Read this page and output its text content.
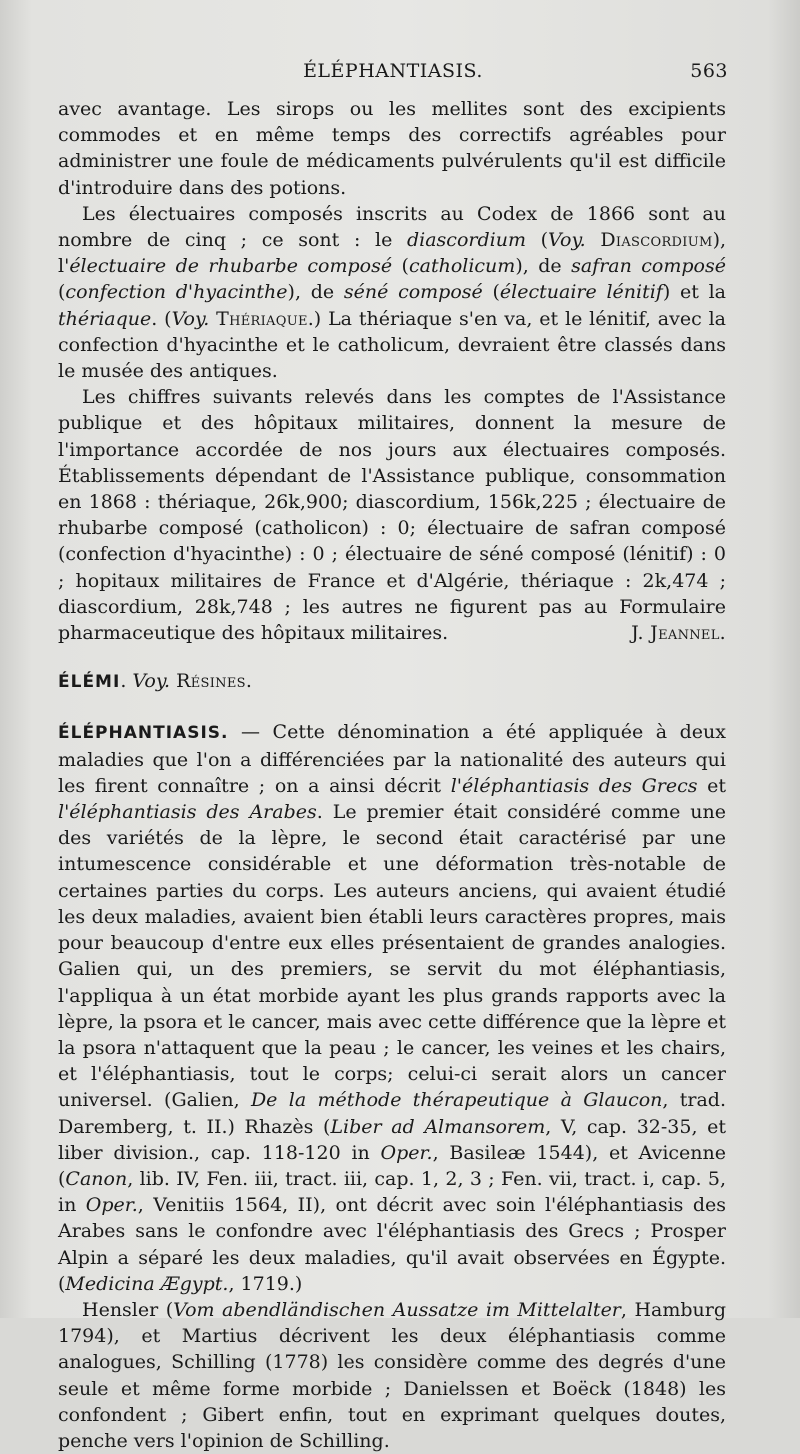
ÉLÉPHANTIASIS.	563

avec avantage. Les sirops ou les mellites sont des excipients commodes et en même temps des correctifs agréables pour administrer une foule de médicaments pulvérulents qu'il est difficile d'introduire dans des potions.

Les électuaires composés inscrits au Codex de 1866 sont au nombre de cinq ; ce sont : le diascordium (Voy. Diascordium), l'électuaire de rhubarbe composé (catholicum), de safran composé (confection d'hyacinthe), de séné composé (électuaire lénitif) et la thériaque. (Voy. Thériaque.) La thériaque s'en va, et le lénitif, avec la confection d'hyacinthe et le catholicum, devraient être classés dans le musée des antiques.

Les chiffres suivants relevés dans les comptes de l'Assistance publique et des hôpitaux militaires, donnent la mesure de l'importance accordée de nos jours aux électuaires composés. Établissements dépendant de l'Assistance publique, consommation en 1868 : thériaque, 26k,900; diascordium, 156k,225 ; électuaire de rhubarbe composé (catholicon) : 0; électuaire de safran composé (confection d'hyacinthe) : 0 ; électuaire de séné composé (lénitif) : 0 ; hopitaux militaires de France et d'Algérie, thériaque : 2k,474 ; diascordium, 28k,748 ; les autres ne figurent pas au Formulaire pharmaceutique des hôpitaux militaires.	J. Jeannel.

ÉLÉMI. Voy. Résines.

ÉLÉPHANTIASIS. — Cette dénomination a été appliquée à deux maladies que l'on a différenciées par la nationalité des auteurs qui les firent connaître ; on a ainsi décrit l'éléphantiasis des Grecs et l'éléphantiasis des Arabes. Le premier était considéré comme une des variétés de la lèpre, le second était caractérisé par une intumescence considérable et une déformation très-notable de certaines parties du corps. Les auteurs anciens, qui avaient étudié les deux maladies, avaient bien établi leurs caractères propres, mais pour beaucoup d'entre eux elles présentaient de grandes analogies. Galien qui, un des premiers, se servit du mot éléphantiasis, l'appliqua à un état morbide ayant les plus grands rapports avec la lèpre, la psora et le cancer, mais avec cette différence que la lèpre et la psora n'attaquent que la peau ; le cancer, les veines et les chairs, et l'éléphantiasis, tout le corps; celui-ci serait alors un cancer universel. (Galien, De la méthode thérapeutique à Glaucon, trad. Daremberg, t. II.) Rhazès (Liber ad Almansorem, V, cap. 32-35, et liber division., cap. 118-120 in Oper., Basileæ 1544), et Avicenne (Canon, lib. IV, Fen. iii, tract. iii, cap. 1, 2, 3 ; Fen. vii, tract. i, cap. 5, in Oper., Venitiis 1564, II), ont décrit avec soin l'éléphantiasis des Arabes sans le confondre avec l'éléphantiasis des Grecs ; Prosper Alpin a séparé les deux maladies, qu'il avait observées en Égypte. (Medicina Ægypt., 1719.)

Hensler (Vom abendländischen Aussatze im Mittelalter, Hamburg 1794), et Martius décrivent les deux éléphantiasis comme analogues, Schilling (1778) les considère comme des degrés d'une seule et même forme morbide ; Danielssen et Boëck (1848) les confondent ; Gibert enfin, tout en exprimant quelques doutes, penche vers l'opinion de Schilling.
